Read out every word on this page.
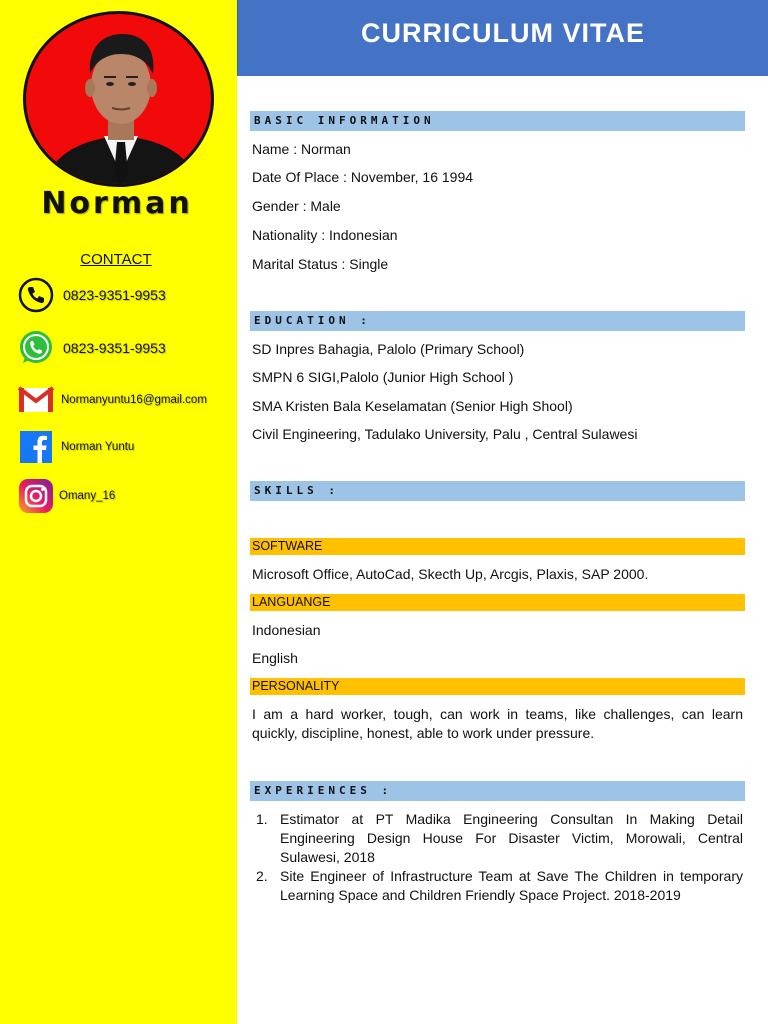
Norman
CONTACT
0823-9351-9953
0823-9351-9953
Normanyuntu16@gmail.com
Norman Yuntu
Omany_16
CURRICULUM VITAE
BASIC INFORMATION
Name : Norman
Date Of Place : November, 16 1994
Gender : Male
Nationality : Indonesian
Marital Status : Single
EDUCATION :
SD Inpres Bahagia, Palolo (Primary School)
SMPN 6 SIGI,Palolo (Junior High School )
SMA Kristen Bala Keselamatan (Senior High Shool)
Civil Engineering, Tadulako University, Palu , Central Sulawesi
SKILLS :
SOFTWARE
Microsoft Office, AutoCad, Skecth Up, Arcgis, Plaxis, SAP 2000.
LANGUANGE
Indonesian
English
PERSONALITY
I am a hard worker, tough, can work in teams, like challenges, can learn quickly, discipline, honest, able to work under pressure.
EXPERIENCES :
1. Estimator at PT Madika Engineering Consultan In Making Detail Engineering Design House For Disaster Victim, Morowali, Central Sulawesi, 2018
2. Site Engineer of Infrastructure Team at Save The Children in temporary Learning Space and Children Friendly Space Project. 2018-2019
